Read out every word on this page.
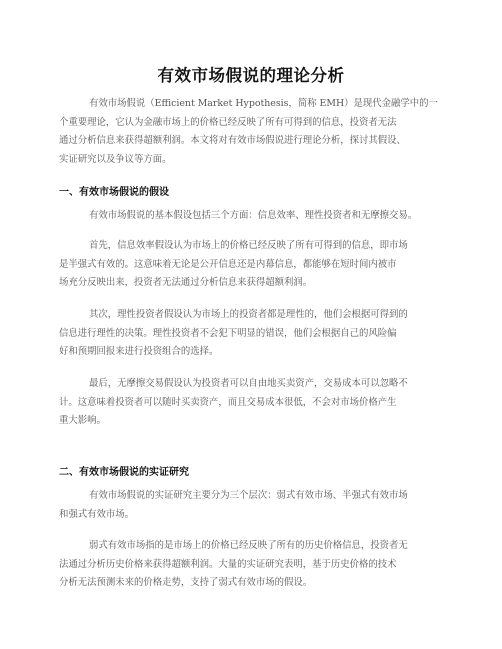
有效市场假说的理论分析
有效市场假说（Efficient Market Hypothesis，简称 EMH）是现代金融学中的一
个重要理论，它认为金融市场上的价格已经反映了所有可得到的信息，投资者无法
通过分析信息来获得超额利润。本文将对有效市场假说进行理论分析，探讨其假设、
实证研究以及争议等方面。
一、有效市场假说的假设
有效市场假说的基本假设包括三个方面：信息效率、理性投资者和无摩擦交易。
首先，信息效率假设认为市场上的价格已经反映了所有可得到的信息，即市场
是半强式有效的。这意味着无论是公开信息还是内幕信息，都能够在短时间内被市
场充分反映出来，投资者无法通过分析信息来获得超额利润。
其次，理性投资者假设认为市场上的投资者都是理性的，他们会根据可得到的
信息进行理性的决策。理性投资者不会犯下明显的错误，他们会根据自己的风险偏
好和预期回报来进行投资组合的选择。
最后，无摩擦交易假设认为投资者可以自由地买卖资产，交易成本可以忽略不
计。这意味着投资者可以随时买卖资产，而且交易成本很低，不会对市场价格产生
重大影响。
二、有效市场假说的实证研究
有效市场假说的实证研究主要分为三个层次：弱式有效市场、半强式有效市场
和强式有效市场。
弱式有效市场指的是市场上的价格已经反映了所有的历史价格信息，投资者无
法通过分析历史价格来获得超额利润。大量的实证研究表明，基于历史价格的技术
分析无法预测未来的价格走势，支持了弱式有效市场的假设。
